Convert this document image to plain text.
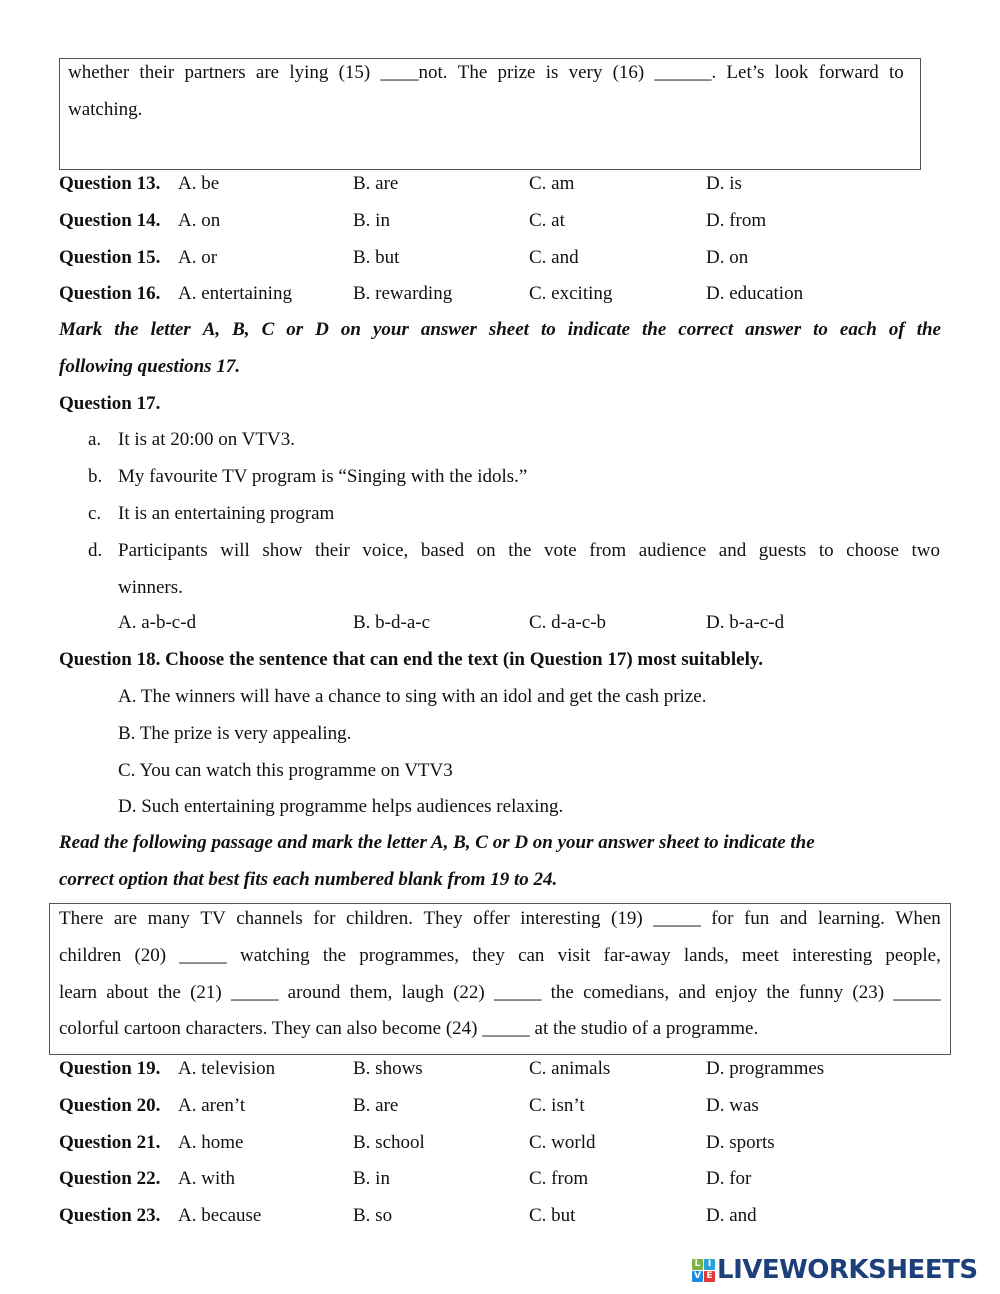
whether their partners are lying (15) ____not. The prize is very (16) ______. Let’s look forward to
watching.
Question 13. A. be	B. are	C. am	D. is
Question 14. A. on	B. in	C. at	D. from
Question 15. A. or	B. but	C. and	D. on
Question 16. A. entertaining	B. rewarding	C. exciting	D. education
Mark the letter A, B, C or D on your answer sheet to indicate the correct answer to each of the
following questions 17.
Question 17.
a. It is at 20:00 on VTV3.
b. My favourite TV program is “Singing with the idols.”
c. It is an entertaining program
d. Participants will show their voice, based on the vote from audience and guests to choose two
winners.
A. a-b-c-d	B. b-d-a-c	C. d-a-c-b	D. b-a-c-d
Question 18. Choose the sentence that can end the text (in Question 17) most suitablely.
A. The winners will have a chance to sing with an idol and get the cash prize.
B. The prize is very appealing.
C. You can watch this programme on VTV3
D. Such entertaining programme helps audiences relaxing.
Read the following passage and mark the letter A, B, C or D on your answer sheet to indicate the
correct option that best fits each numbered blank from 19 to 24.
There are many TV channels for children. They offer interesting (19) _____ for fun and learning. When
children (20) _____ watching the programmes, they can visit far-away lands, meet interesting people,
learn about the (21) _____ around them, laugh (22) _____ the comedians, and enjoy the funny (23) _____
colorful cartoon characters. They can also become (24) _____ at the studio of a programme.
Question 19. A. television	B. shows	C. animals	D. programmes
Question 20. A. aren’t	B. are	C. isn’t	D. was
Question 21. A. home	B. school	C. world	D. sports
Question 22. A. with	B. in	C. from	D. for
Question 23. A. because	B. so	C. but	D. and
L I
V E LIVEWORKSHEETS
